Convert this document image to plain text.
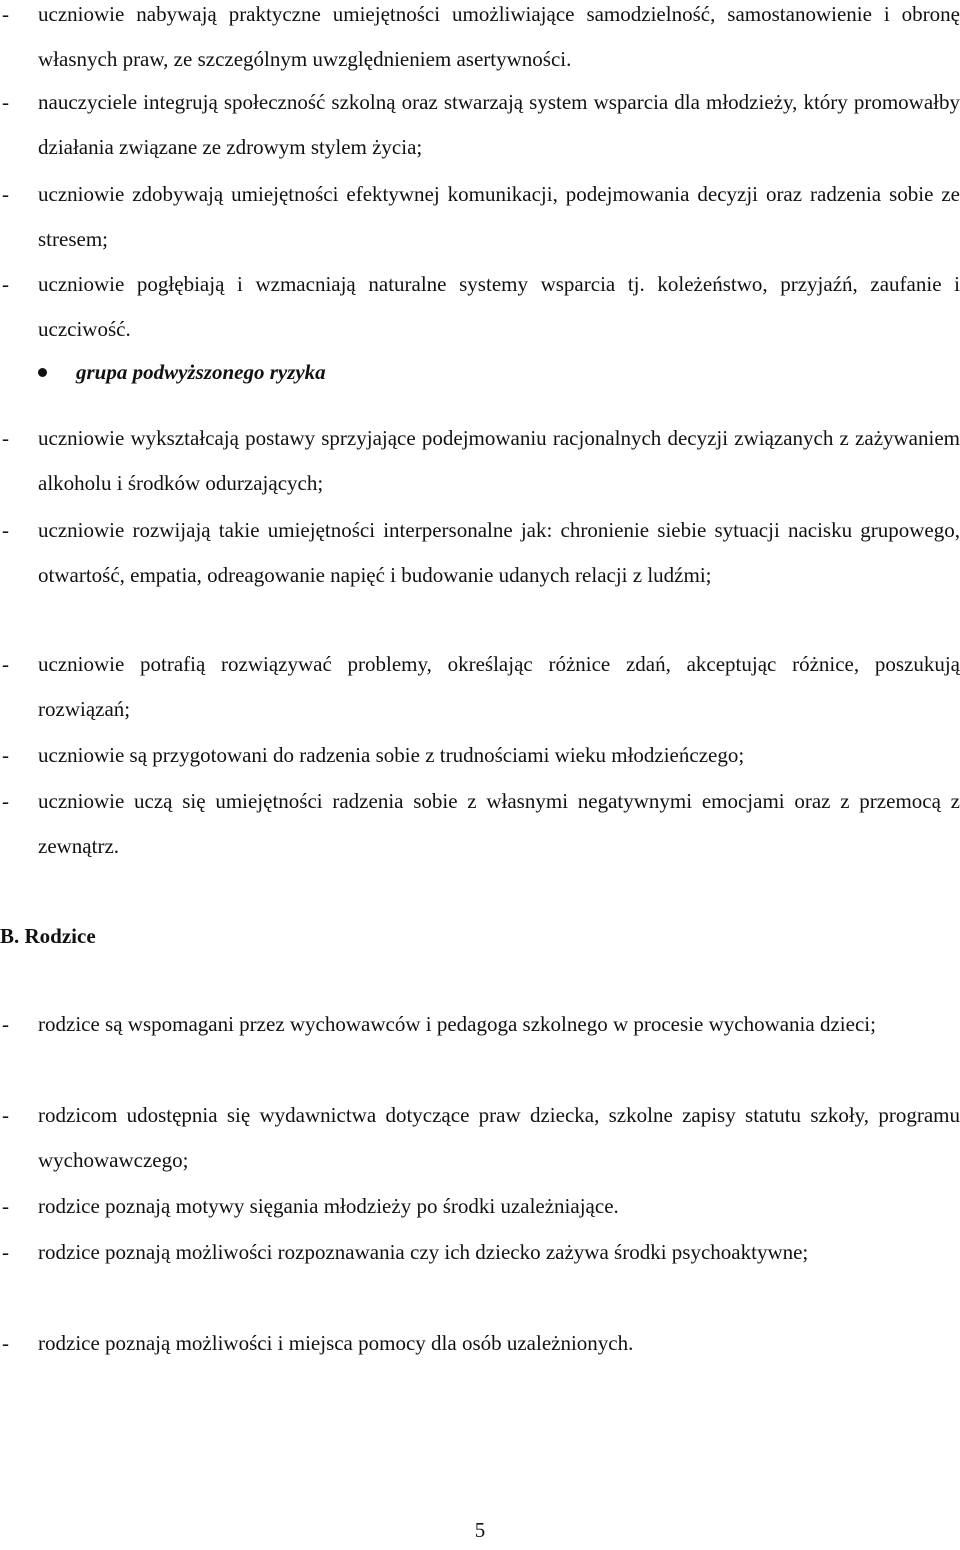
- uczniowie nabywają praktyczne umiejętności umożliwiające samodzielność, samostanowienie i obronę własnych praw, ze szczególnym uwzględnieniem asertywności.
- nauczyciele integrują społeczność szkolną oraz stwarzają system wsparcia dla młodzieży, który promowałby działania związane ze zdrowym stylem życia;
- uczniowie zdobywają umiejętności efektywnej komunikacji, podejmowania decyzji oraz radzenia sobie ze stresem;
- uczniowie pogłębiają i wzmacniają naturalne systemy wsparcia tj. koleżeństwo, przyjaźń, zaufanie i uczciwość.
grupa podwyższonego ryzyka
- uczniowie wykształcają postawy sprzyjające podejmowaniu racjonalnych decyzji związanych z zażywaniem alkoholu i środków odurzających;
- uczniowie rozwijają takie umiejętności interpersonalne jak: chronienie siebie sytuacji nacisku grupowego, otwartość, empatia, odreagowanie napięć i budowanie udanych relacji z ludźmi;
- uczniowie potrafią rozwiązywać problemy, określając różnice zdań, akceptując różnice, poszukują rozwiązań;
- uczniowie są przygotowani do radzenia sobie z trudnościami wieku młodzieńczego;
- uczniowie uczą się umiejętności radzenia sobie z własnymi negatywnymi emocjami oraz z przemocą z zewnątrz.
B. Rodzice
- rodzice są wspomagani przez wychowawców i pedagoga szkolnego w procesie wychowania dzieci;
- rodzicom udostępnia się wydawnictwa dotyczące praw dziecka, szkolne zapisy statutu szkoły, programu wychowawczego;
- rodzice poznają motywy sięgania młodzieży po środki uzależniające.
- rodzice poznają możliwości rozpoznawania czy ich dziecko zażywa środki psychoaktywne;
- rodzice poznają możliwości i miejsca pomocy dla osób uzależnionych.
5
